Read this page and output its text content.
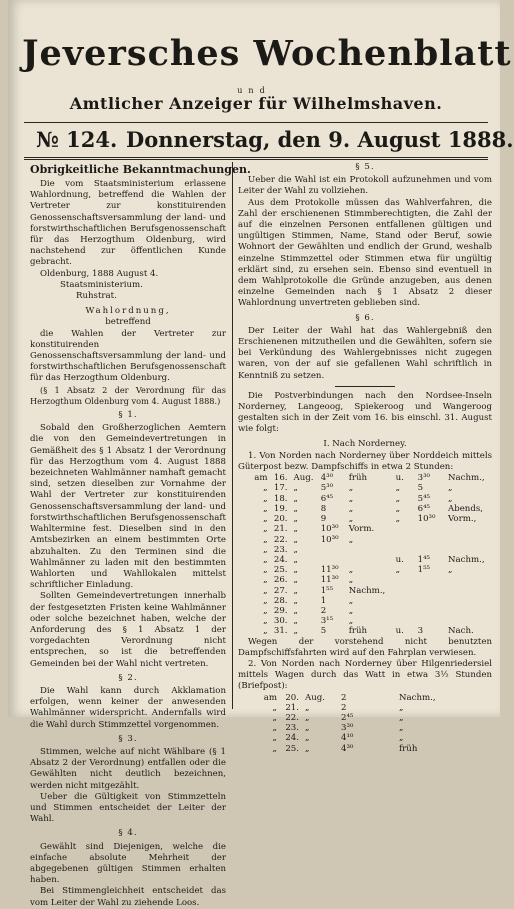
Jeversches Wochenblatt
und
Amtlicher Anzeiger für Wilhelmshaven.
№ 124. Donnerstag, den 9. August 1888.
Obrigkeitliche Bekanntmachungen.

Die vom Staatsministerium erlassene Wahlordnung, betreffend die Wahlen der Vertreter zur konstituirenden Genossenschaftsversammlung der land- und forstwirthschaftlichen Berufsgenossenschaft für das Herzogthum Oldenburg, wird nachstehend zur öffentlichen Kunde gebracht.

Oldenburg, 1888 August 4.

Staatsministerium.

Ruhstrat.

Wahlordnung,

betreffend

die Wahlen der Vertreter zur konstituirenden Genossenschaftsversammlung der land- und forstwirthschaftlichen Berufsgenossenschaft für das Herzogthum Oldenburg.

(§ 1 Absatz 2 der Verordnung für das Herzogthum Oldenburg vom 4. August 1888.)

§ 1.

Sobald den Großherzoglichen Aemtern die von den Gemeindevertretungen in Gemäßheit des § 1 Absatz 1 der Verordnung für das Herzogthum vom 4. August 1888 bezeichneten Wahlmänner namhaft gemacht sind, setzen dieselben zur Vornahme der Wahl der Vertreter zur konstituirenden Genossenschaftsversammlung der land- und forstwirthschaftlichen Berufsgenossenschaft Wahltermine fest. Dieselben sind in den Amtsbezirken an einem bestimmten Orte abzuhalten. Zu den Terminen sind die Wahlmänner zu laden mit den bestimmten Wahlorten und Wahllokalen mittelst schriftlicher Einladung.

Sollten Gemeindevertretungen innerhalb der festgesetzten Fristen keine Wahlmänner oder solche bezeichnet haben, welche der Anforderung des § 1 Absatz 1 der vorgedachten Verordnung nicht entsprechen, so ist die betreffenden Gemeinden bei der Wahl nicht vertreten.

§ 2.

Die Wahl kann durch Akklamation erfolgen, wenn keiner der anwesenden Wahlmänner widerspricht. Andernfalls wird die Wahl durch Stimmzettel vorgenommen.

§ 3.

Stimmen, welche auf nicht Wählbare (§ 1 Absatz 2 der Verordnung) entfallen oder die Gewählten nicht deutlich bezeichnen, werden nicht mitgezählt.

Ueber die Gültigkeit von Stimmzetteln und Stimmen entscheidet der Leiter der Wahl.

§ 4.

Gewählt sind Diejenigen, welche die einfache absolute Mehrheit der abgegebenen gültigen Stimmen erhalten haben.

Bei Stimmengleichheit entscheidet das vom Leiter der Wahl zu ziehende Loos.

§ 5.

Ueber die Wahl ist ein Protokoll aufzunehmen und vom Leiter der Wahl zu vollziehen.

Aus dem Protokolle müssen das Wahlverfahren, die Zahl der erschienenen Stimmberechtigten, die Zahl der auf die einzelnen Personen entfallenen gültigen und ungültigen Stimmen, Name, Stand oder Beruf, sowie Wohnort der Gewählten und endlich der Grund, weshalb einzelne Stimmzettel oder Stimmen etwa für ungültig erklärt sind, zu ersehen sein. Ebenso sind eventuell in dem Wahlprotokolle die Gründe anzugeben, aus denen einzelne Gemeinden nach § 1 Absatz 2 dieser Wahlordnung unvertreten geblieben sind.

§ 6.

Der Leiter der Wahl hat das Wahlergebniß den Erschienenen mitzutheilen und die Gewählten, sofern sie bei Verkündung des Wahlergebnisses nicht zugegen waren, von der auf sie gefallenen Wahl schriftlich in Kenntniß zu setzen.

Die Postverbindungen nach den Nordsee-Inseln Norderney, Langeoog, Spiekeroog und Wangeroog gestalten sich in der Zeit vom 16. bis einschl. 31. August wie folgt:

I. Nach Norderney.

1. Von Norden nach Norderney über Norddeich mittels Güterpost bezw. Dampfschiffs in etwa 2 Stunden:

am	16.	Aug.	4³⁰	früh	u.	3³⁰	Nachm.,
„	17.	„	5³⁰	„	„	5	„
„	18.	„	6⁴⁵	„	„	5⁴⁵	„
„	19.	„	8	„	„	6⁴⁵	Abends,
„	20.	„	9	„	„	10³⁰	Vorm.,
„	21.	„	10³⁰	Vorm.			
„	22.	„	10³⁰	„			
„	23.	„					
„	24.	„			u.	1⁴⁵	Nachm.,
„	25.	„	11³⁰	„	„	1⁵⁵	„
„	26.	„	11³⁰	„			
„	27.	„	1⁵⁵	Nachm.,			
„	28.	„	1	„			
„	29.	„	2	„			
„	30.	„	3¹⁵	„			
„	31.	„	5	früh	u.	3	Nach.

Wegen der vorstehend nicht benutzten Dampfschiffsfahrten wird auf den Fahrplan verwiesen.

2. Von Norden nach Norderney über Hilgenriedersiel mittels Wagen durch das Watt in etwa 3½ Stunden (Briefpost):

am	20.	Aug.	2	Nachm.,
„	21.	„	2	„
„	22.	„	2⁴⁵	„
„	23.	„	3³⁰	„
„	24.	„	4¹⁰	„
„	25.	„	4³⁰	früh
